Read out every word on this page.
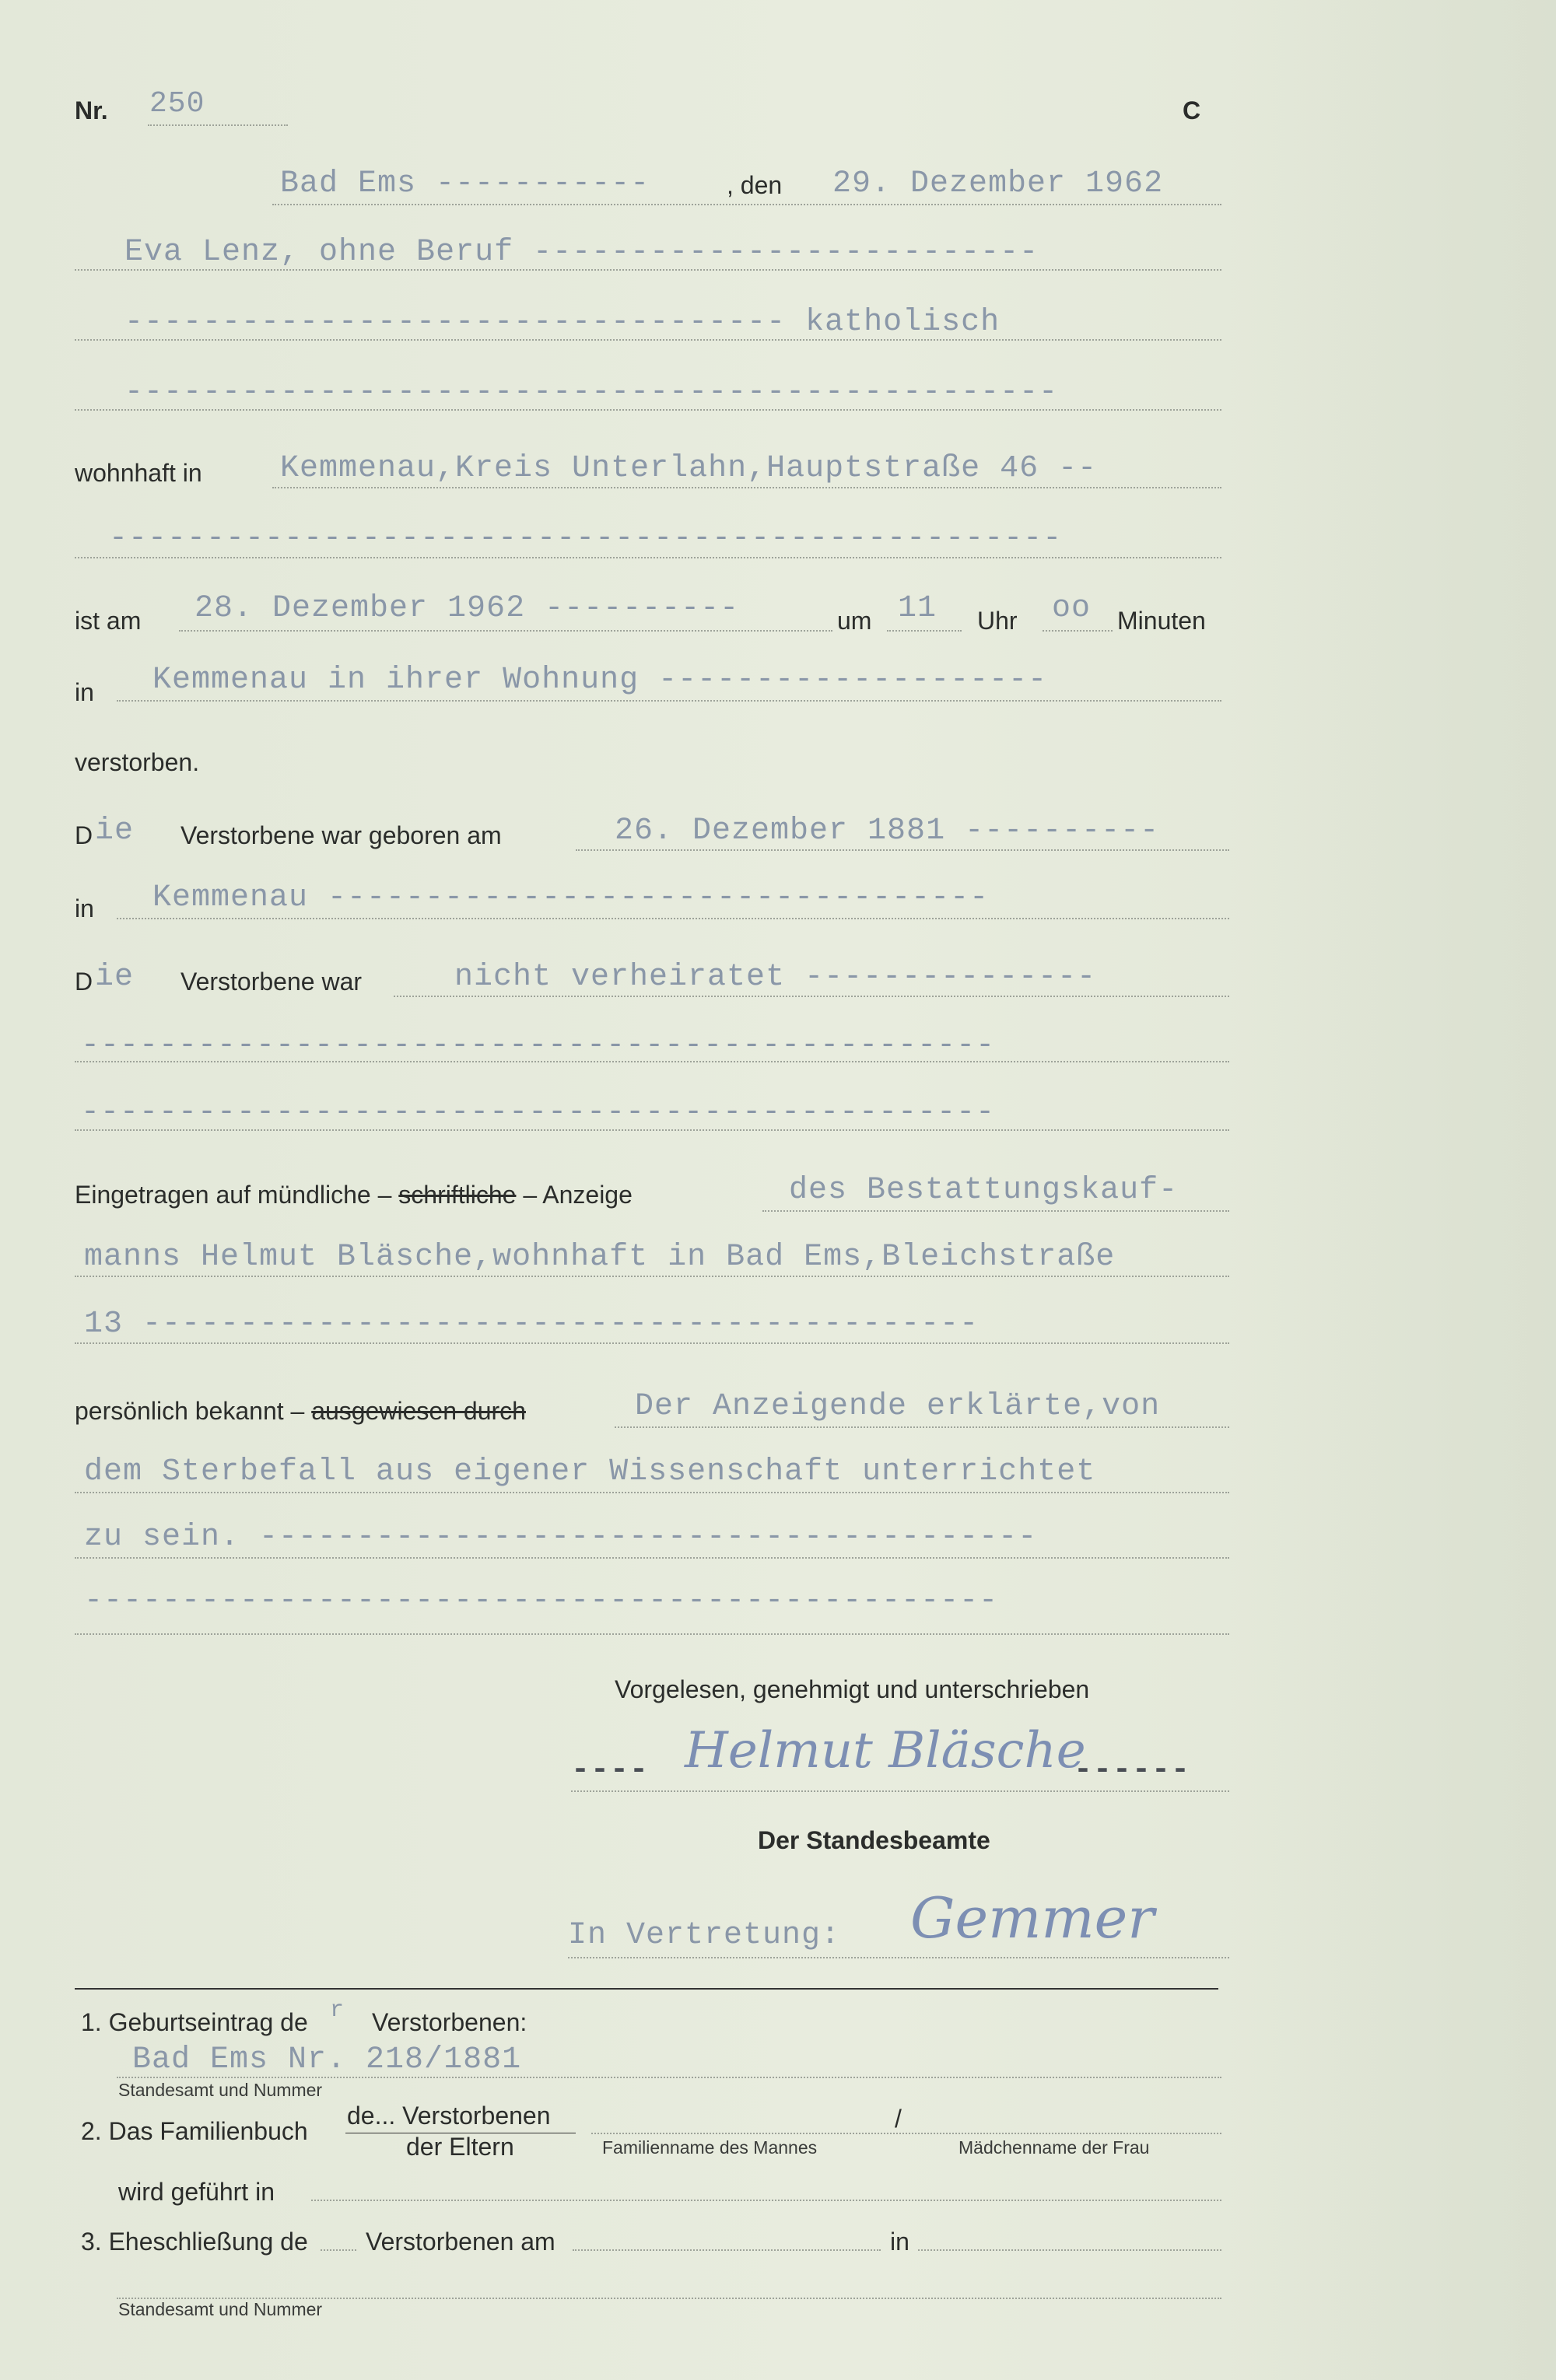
Nr. 250	C
Bad Ems -----------	, den 29. Dezember 1962
Eva Lenz, ohne Beruf --------------------------
---------------------------------- katholisch
------------------------------------------------
wohnhaft in	Kemmenau,Kreis Unterlahn,Hauptstraße 46 --
-------------------------------------------------
ist am 28. Dezember 1962 ----------	um 11 Uhr oo Minuten
in Kemmenau in ihrer Wohnung --------------------
verstorben.
D ie Verstorbene war geboren am	26. Dezember 1881 ----------
in Kemmenau ----------------------------------
D ie Verstorbene war	nicht verheiratet ---------------
-----------------------------------------------
-----------------------------------------------
Eingetragen auf mündliche – schriftliche – Anzeige	des Bestattungskauf-
manns Helmut Bläsche,wohnhaft in Bad Ems,Bleichstraße
13 -------------------------------------------
persönlich bekannt – ausgewiesen durch	Der Anzeigende erklärte,von
dem Sterbefall aus eigener Wissenschaft unterrichtet
zu sein. ----------------------------------------
-----------------------------------------------
Vorgelesen, genehmigt und unterschrieben
---- Helmut Bläsche
------
Der Standesbeamte
In Vertretung: Gemmer
1. Geburtseintrag de r Verstorbenen:
Bad Ems Nr. 218/1881
Standesamt und Nummer
2. Das Familienbuch
de... Verstorbenen
der Eltern
/
Familienname des Mannes	Mädchenname der Frau
wird geführt in
3. Eheschließung de Verstorbenen am	in
Standesamt und Nummer
